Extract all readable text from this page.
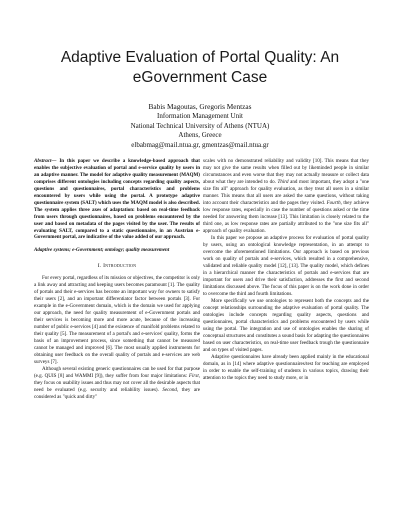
Adaptive Evaluation of Portal Quality: An
eGovernment Case
Babis Magoutas, Gregoris Mentzas
Information Management Unit
National Technical University of Athens (NTUA)
Athens, Greece
elbabmag@mail.ntua.gr, gmentzas@mail.ntua.gr

Abstract— In this paper we describe a knowledge-based approach that enables the subjective evaluation of portal and e-service quality by users in an adaptive manner. The model for adaptive quality measurement (MAQM) comprises different ontologies including concepts regarding quality aspects, questions and questionnaires, portal characteristics and problems encountered by users while using the portal. A prototype adaptive questionnaire system (SALT) which uses the MAQM model is also described. The system applies three axes of adaptation: based on real-time feedback from users through questionnaires, based on problems encountered by the user and based on metadata of the pages visited by the user. The results of evaluating SALT, compared to a static questionnaire, in an Austrian e-Government portal, are indicative of the value added of our approach.

Adaptive systems; e-Government; ontology; quality measurement

I. Introduction

For every portal, regardless of its mission or objectives, the competitor is only a link away and attracting and keeping users becomes paramount [1]. The quality of portals and their e-services has become an important way for owners to satisfy their users [2], and an important differentiator factor between portals [3]. For example in the e-Government domain, which is the domain we used for applying our approach, the need for quality measurement of e-Government portals and their services is becoming more and more acute, because of the increasing number of public e-services [4] and the existence of manifold problems related to their quality [5]. The measurement of a portal's and e-services' quality, forms the basis of an improvement process, since something that cannot be measured cannot be managed and improved [6]. The most usually applied instruments for obtaining user feedback on the overall quality of portals and e-services are web surveys [7].

Although several existing generic questionnaires can be used for that purpose (e.g. QUIS [8] and WAMMI [9]), they suffer from four major limitations: First, they focus on usability issues and thus may not cover all the desirable aspects that need be evaluated (e.g. security and reliability issues). Second, they are considered as "quick and dirty"

scales with no demonstrated reliability and validity [10]. This means that they may not give the same results when filled out by likeminded people in similar circumstances and even worse that they may not actually measure or collect data about what they are intended to do. Third and most important, they adopt a "one size fits all" approach for quality evaluation, as they treat all users in a similar manner. This means that all users are asked the same questions, without taking into account their characteristics and the pages they visited. Fourth, they achieve low response rates, especially in case the number of questions asked or the time needed for answering them increase [13]. This limitation is closely related to the third one, as low response rates are partially attributed to the "one size fits all" approach of quality evaluation.

In this paper we propose an adaptive process for evaluation of portal quality by users, using an ontological knowledge representation, in an attempt to overcome the aforementioned limitations. Our approach is based on previous work on quality of portals and e-services, which resulted in a comprehensive, validated and reliable quality model [12], [13]. The quality model, which defines in a hierarchical manner the characteristics of portals and e-services that are important for users and drive their satisfaction, addresses the first and second limitations discussed above. The focus of this paper is on the work done in order to overcome the third and fourth limitations.

More specifically we use ontologies to represent both the concepts and the concept relationships surrounding the adaptive evaluation of portal quality. The ontologies include concepts regarding quality aspects, questions and questionnaires, portal characteristics and problems encountered by users while using the portal. The integration and use of ontologies enables the sharing of conceptual structures and constitutes a sound basis for adapting the questionnaires based on user characteristics, on real-time user feedback trough the questionnaire and on types of visited pages.

Adaptive questionnaires have already been applied mainly in the educational domain, as in [14] where adaptive questionnaires/test for teaching are employed in order to enable the self-training of students in various topics, drawing their attention to the topics they need to study more, or in
